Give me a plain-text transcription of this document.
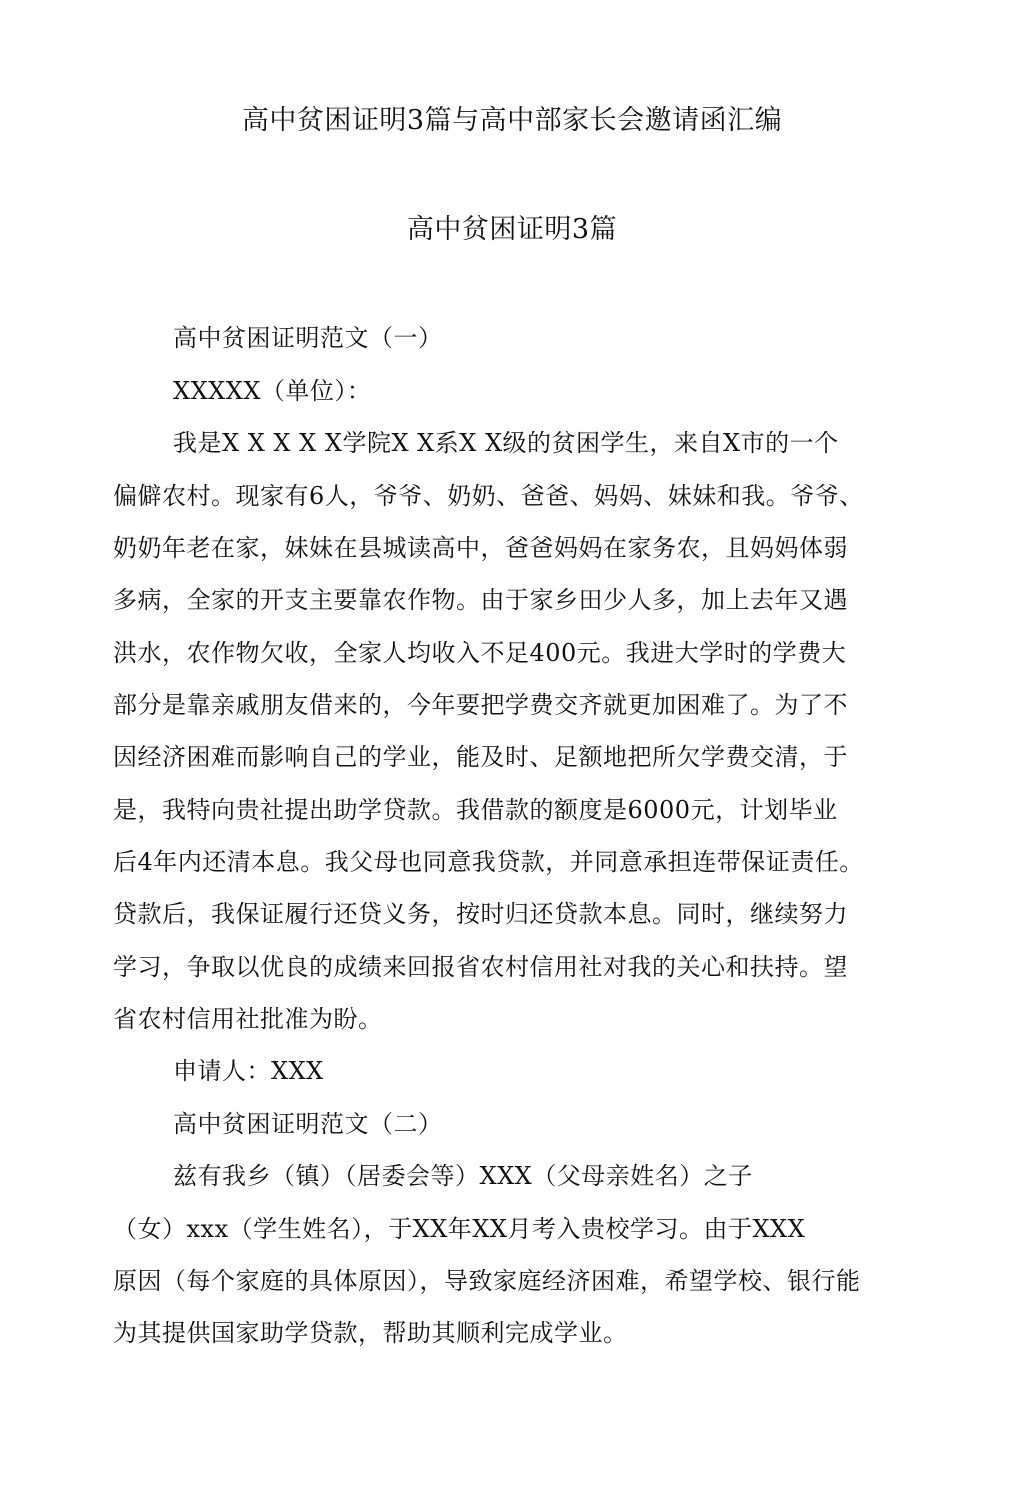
高中贫困证明3篇与高中部家长会邀请函汇编
高中贫困证明3篇
高中贫困证明范文（一）
XXXXX（单位）：
我是X X X X X学院X X系X X级的贫困学生，来自X市的一个
偏僻农村。现家有6人，爷爷、奶奶、爸爸、妈妈、妹妹和我。爷爷、
奶奶年老在家，妹妹在县城读高中，爸爸妈妈在家务农，且妈妈体弱
多病，全家的开支主要靠农作物。由于家乡田少人多，加上去年又遇
洪水，农作物欠收，全家人均收入不足400元。我进大学时的学费大
部分是靠亲戚朋友借来的，今年要把学费交齐就更加困难了。为了不
因经济困难而影响自己的学业，能及时、足额地把所欠学费交清，于
是，我特向贵社提出助学贷款。我借款的额度是6000元，计划毕业
后4年内还清本息。我父母也同意我贷款，并同意承担连带保证责任。
贷款后，我保证履行还贷义务，按时归还贷款本息。同时，继续努力
学习，争取以优良的成绩来回报省农村信用社对我的关心和扶持。望
省农村信用社批准为盼。
申请人：XXX
高中贫困证明范文（二）
兹有我乡（镇）（居委会等）XXX（父母亲姓名）之子
（女）xxx（学生姓名），于XX年XX月考入贵校学习。由于XXX
原因（每个家庭的具体原因），导致家庭经济困难，希望学校、银行能
为其提供国家助学贷款，帮助其顺利完成学业。
